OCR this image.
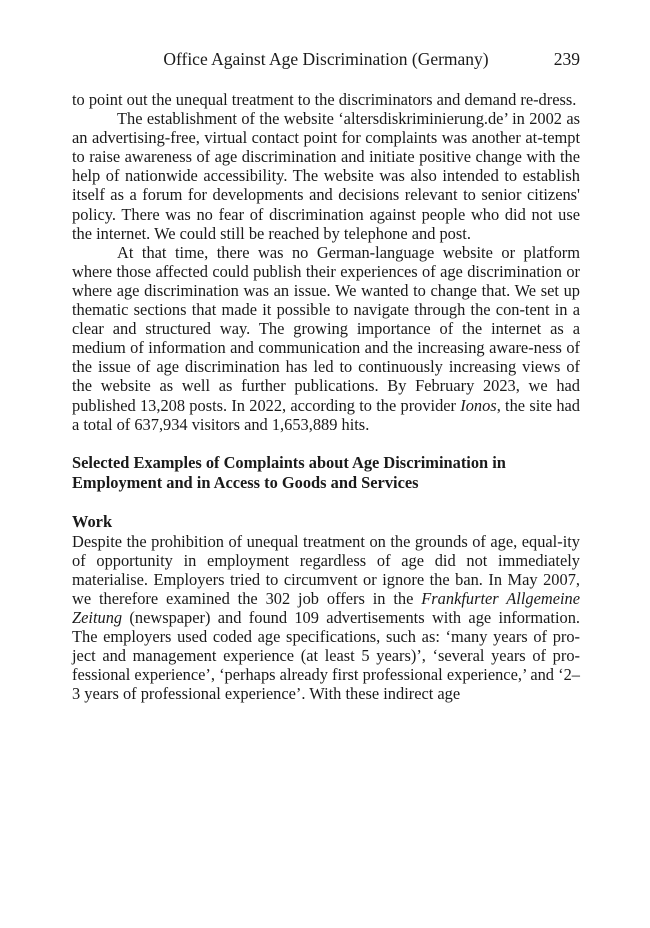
Office Against Age Discrimination (Germany)	239

to point out the unequal treatment to the discriminators and demand re-dress.

The establishment of the website ‘altersdiskriminierung.de’ in 2002 as an advertising-free, virtual contact point for complaints was another at-tempt to raise awareness of age discrimination and initiate positive change with the help of nationwide accessibility. The website was also intended to establish itself as a forum for developments and decisions relevant to senior citizens' policy. There was no fear of discrimination against people who did not use the internet. We could still be reached by telephone and post.

At that time, there was no German-language website or platform where those affected could publish their experiences of age discrimination or where age discrimination was an issue. We wanted to change that. We set up thematic sections that made it possible to navigate through the con-tent in a clear and structured way. The growing importance of the internet as a medium of information and communication and the increasing aware-ness of the issue of age discrimination has led to continuously increasing views of the website as well as further publications. By February 2023, we had published 13,208 posts. In 2022, according to the provider Ionos, the site had a total of 637,934 visitors and 1,653,889 hits.

Selected Examples of Complaints about Age Discrimination in Employment and in Access to Goods and Services
Work

Despite the prohibition of unequal treatment on the grounds of age, equal-ity of opportunity in employment regardless of age did not immediately materialise. Employers tried to circumvent or ignore the ban. In May 2007, we therefore examined the 302 job offers in the Frankfurter Allgemeine Zeitung (newspaper) and found 109 advertisements with age information. The employers used coded age specifications, such as: ‘many years of pro-ject and management experience (at least 5 years)’, ‘several years of pro-fessional experience’, ‘perhaps already first professional experience,’ and ‘2–3 years of professional experience’. With these indirect age
